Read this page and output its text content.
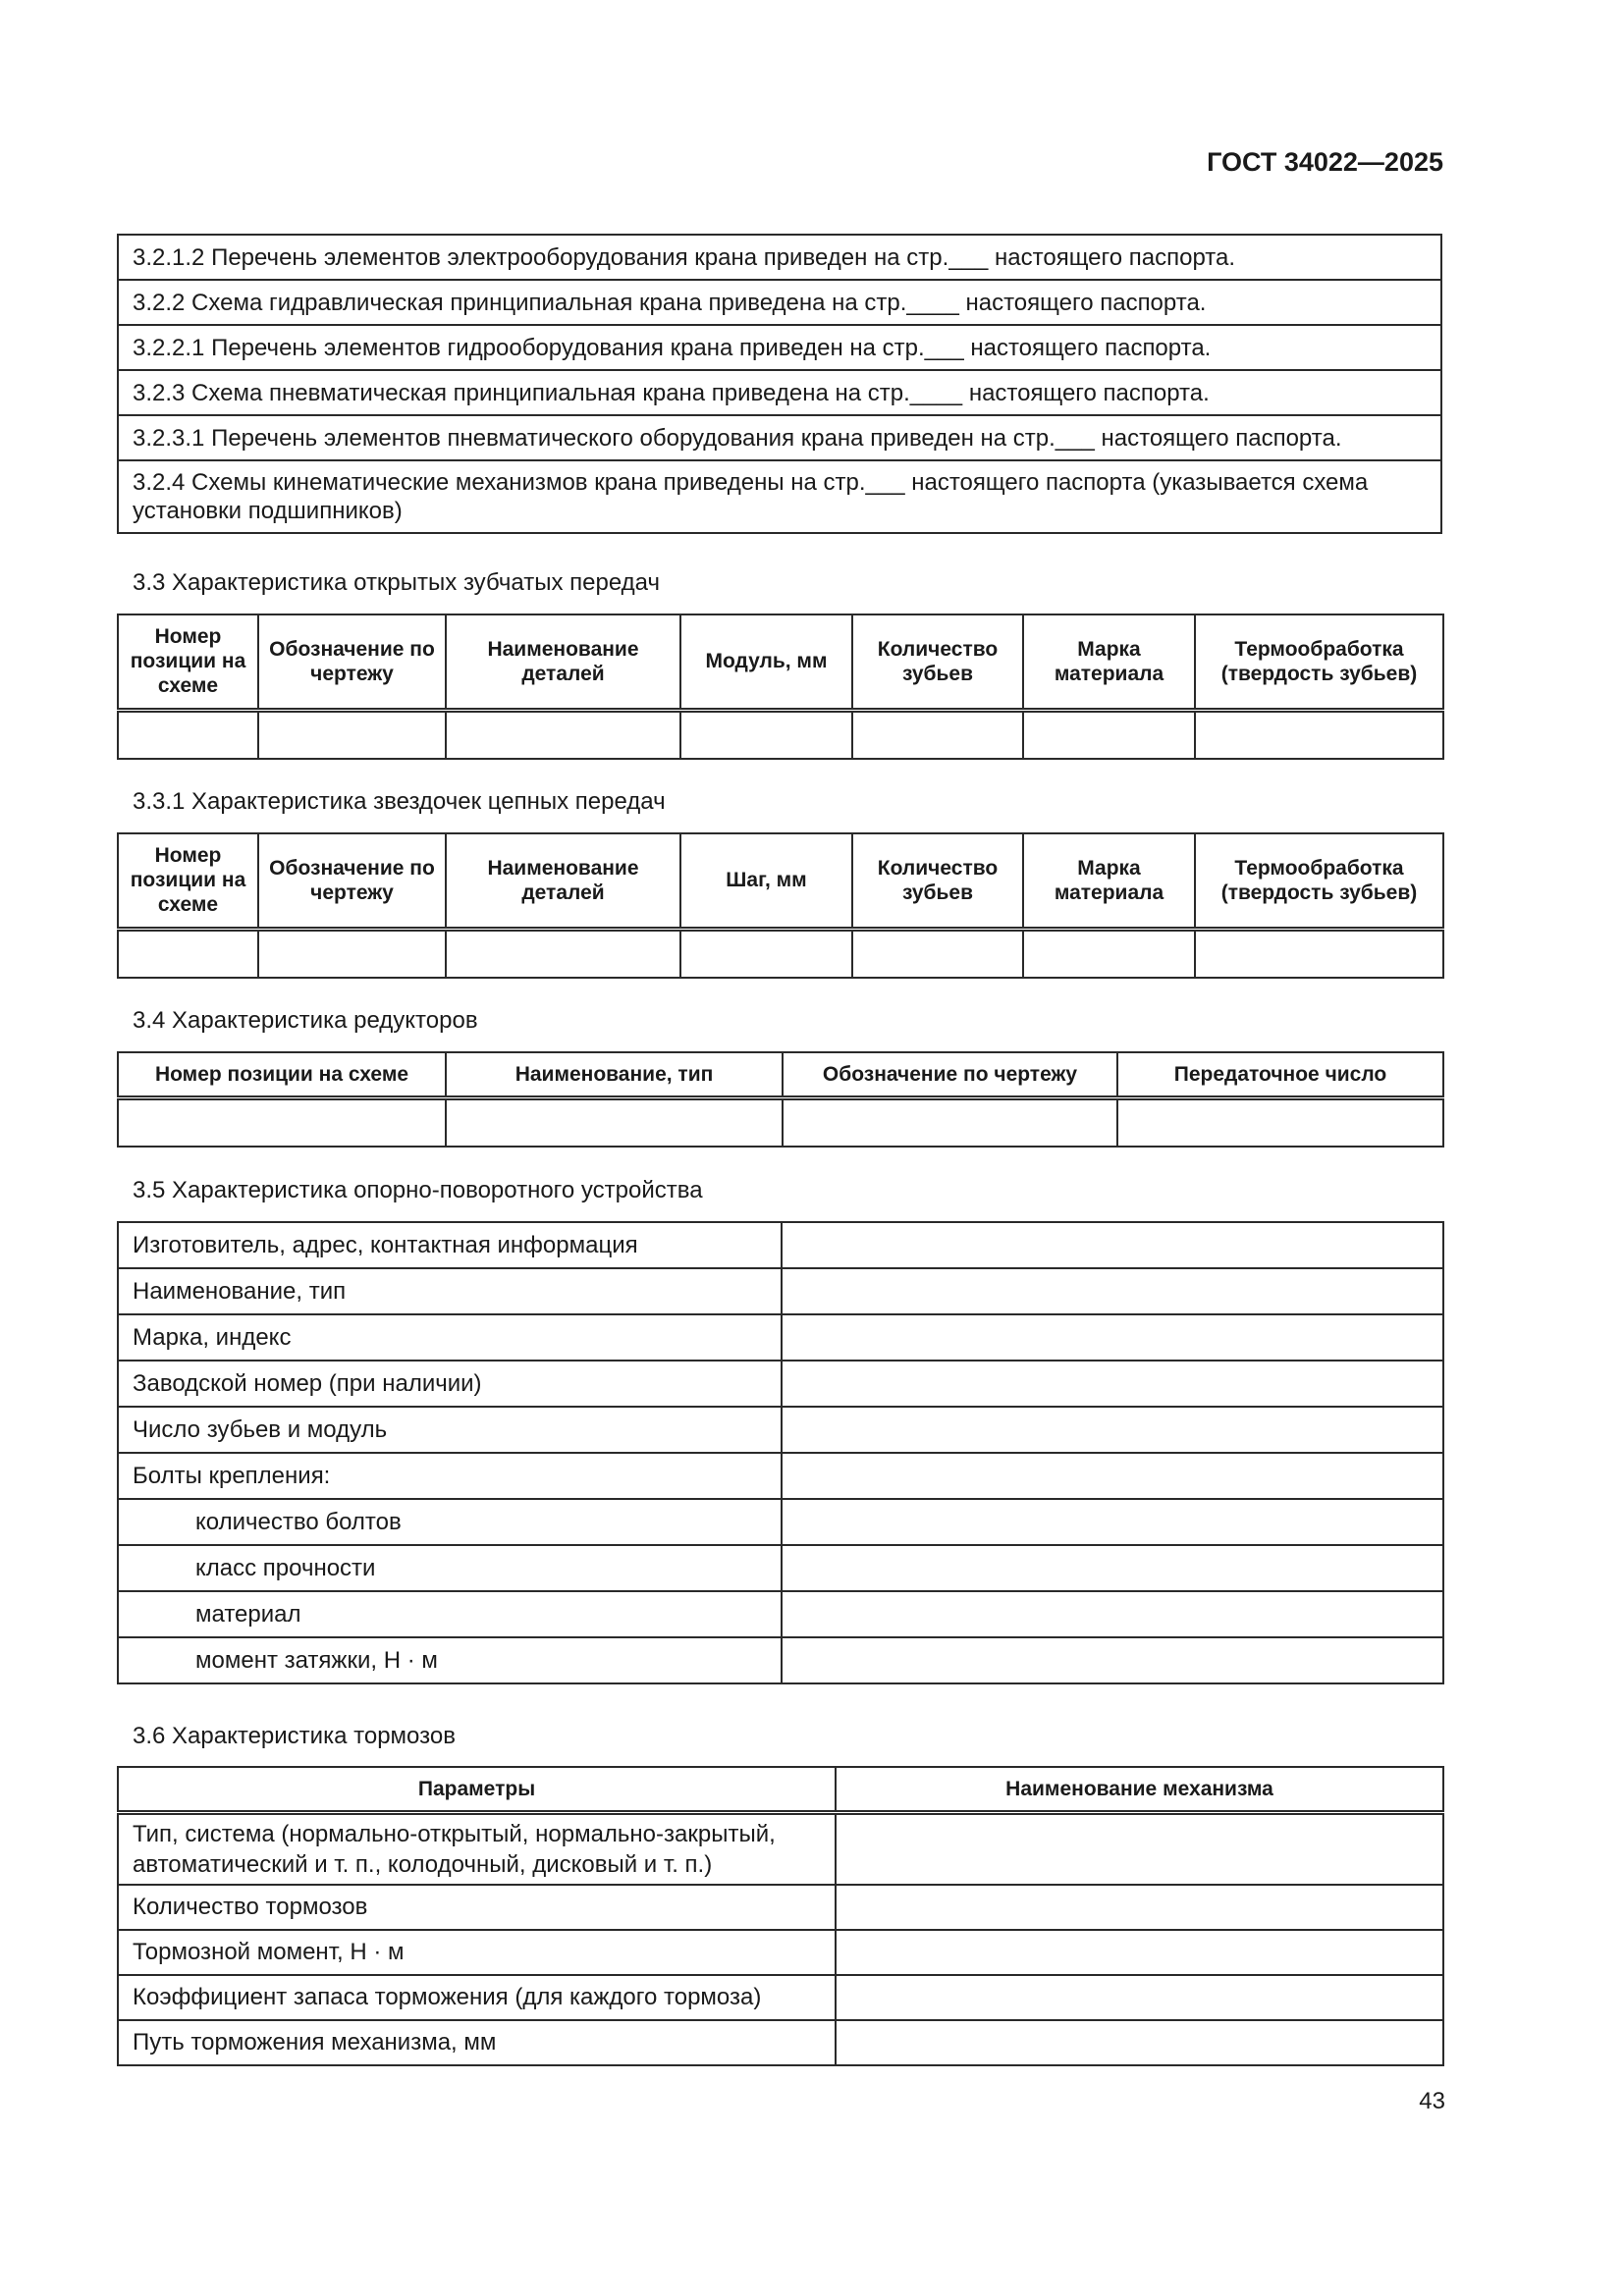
ГОСТ 34022—2025
3.2.1.2 Перечень элементов электрооборудования крана приведен на стр.___ настоящего паспорта.
3.2.2 Схема гидравлическая принципиальная крана приведена на стр.____ настоящего паспорта.
3.2.2.1 Перечень элементов гидрооборудования крана приведен на стр.___ настоящего паспорта.
3.2.3 Схема пневматическая принципиальная крана приведена на стр.____ настоящего паспорта.
3.2.3.1 Перечень элементов пневматического оборудования крана приведен на стр.___ настоящего паспорта.
3.2.4 Схемы кинематические механизмов крана приведены на стр.___ настоящего паспорта (указывается схема установки подшипников)
3.3 Характеристика открытых зубчатых передач
Номер позиции на схеме	Обозначение по чертежу	Наименование деталей	Модуль, мм	Количество зубьев	Марка материала	Термообработка (твердость зубьев)

3.3.1 Характеристика звездочек цепных передач
Номер позиции на схеме	Обозначение по чертежу	Наименование деталей	Шаг, мм	Количество зубьев	Марка материала	Термообработка (твердость зубьев)

3.4 Характеристика редукторов
Номер позиции на схеме	Наименование, тип	Обозначение по чертежу	Передаточное число

3.5 Характеристика опорно-поворотного устройства
Изготовитель, адрес, контактная информация	
Наименование, тип	
Марка, индекс	
Заводской номер (при наличии)	
Число зубьев и модуль	
Болты крепления:	
количество болтов	
класс прочности	
материал	
момент затяжки, Н · м	
3.6 Характеристика тормозов
Параметры	Наименование механизма
Тип, система (нормально-открытый, нормально-закрытый, автоматический и т. п., колодочный, дисковый и т. п.)	
Количество тормозов	
Тормозной момент, Н · м	
Коэффициент запаса торможения (для каждого тормоза)	
Путь торможения механизма, мм	
43
